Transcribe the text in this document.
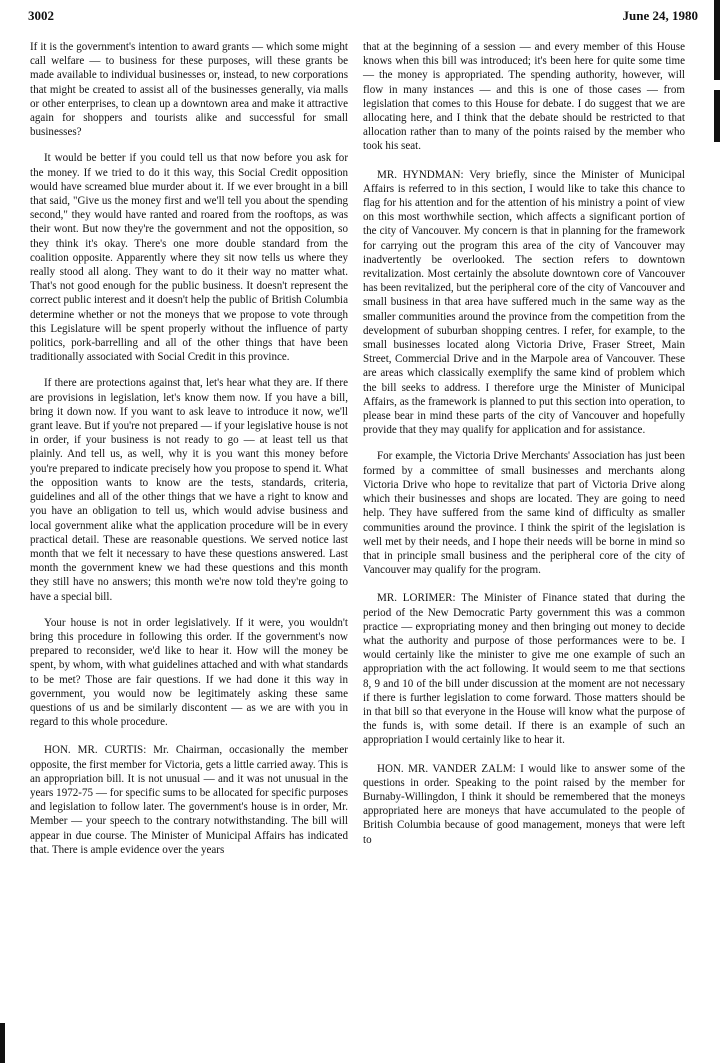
3002	June 24, 1980

If it is the government's intention to award grants — which some might call welfare — to business for these purposes, will these grants be made available to individual businesses or, instead, to new corporations that might be created to assist all of the businesses generally, via malls or other enterprises, to clean up a downtown area and make it attractive again for shoppers and tourists alike and successful for small businesses?

It would be better if you could tell us that now before you ask for the money. If we tried to do it this way, this Social Credit opposition would have screamed blue murder about it. If we ever brought in a bill that said, "Give us the money first and we'll tell you about the spending second," they would have ranted and roared from the rooftops, as was their wont. But now they're the government and not the opposition, so they think it's okay. There's one more double standard from the coalition opposite. Apparently where they sit now tells us where they really stood all along. They want to do it their way no matter what. That's not good enough for the public business. It doesn't represent the correct public interest and it doesn't help the public of British Columbia determine whether or not the moneys that we propose to vote through this Legislature will be spent properly without the influence of party politics, pork-barrelling and all of the other things that have been traditionally associated with Social Credit in this province.

If there are protections against that, let's hear what they are. If there are provisions in legislation, let's know them now. If you have a bill, bring it down now. If you want to ask leave to introduce it now, we'll grant leave. But if you're not prepared — if your legislative house is not in order, if your business is not ready to go — at least tell us that plainly. And tell us, as well, why it is you want this money before you're prepared to indicate precisely how you propose to spend it. What the opposition wants to know are the tests, standards, criteria, guidelines and all of the other things that we have a right to know and you have an obligation to tell us, which would advise business and local government alike what the application procedure will be in every practical detail. These are reasonable questions. We served notice last month that we felt it necessary to have these questions answered. Last month the government knew we had these questions and this month they still have no answers; this month we're now told they're going to have a special bill.

Your house is not in order legislatively. If it were, you wouldn't bring this procedure in following this order. If the government's now prepared to reconsider, we'd like to hear it. How will the money be spent, by whom, with what guidelines attached and with what standards to be met? Those are fair questions. If we had done it this way in government, you would now be legitimately asking these same questions of us and be similarly discontent — as we are with you in regard to this whole procedure.

HON. MR. CURTIS: Mr. Chairman, occasionally the member opposite, the first member for Victoria, gets a little carried away. This is an appropriation bill. It is not unusual — and it was not unusual in the years 1972-75 — for specific sums to be allocated for specific purposes and legislation to follow later. The government's house is in order, Mr. Member — your speech to the contrary notwithstanding. The bill will appear in due course. The Minister of Municipal Affairs has indicated that. There is ample evidence over the years

that at the beginning of a session — and every member of this House knows when this bill was introduced; it's been here for quite some time — the money is appropriated. The spending authority, however, will flow in many instances — and this is one of those cases — from legislation that comes to this House for debate. I do suggest that we are allocating here, and I think that the debate should be restricted to that allocation rather than to many of the points raised by the member who took his seat.

MR. HYNDMAN: Very briefly, since the Minister of Municipal Affairs is referred to in this section, I would like to take this chance to flag for his attention and for the attention of his ministry a point of view on this most worthwhile section, which affects a significant portion of the city of Vancouver. My concern is that in planning for the framework for carrying out the program this area of the city of Vancouver may inadvertently be overlooked. The section refers to downtown revitalization. Most certainly the absolute downtown core of Vancouver has been revitalized, but the peripheral core of the city of Vancouver and small business in that area have suffered much in the same way as the smaller communities around the province from the competition from the development of suburban shopping centres. I refer, for example, to the small businesses located along Victoria Drive, Fraser Street, Main Street, Commercial Drive and in the Marpole area of Vancouver. These are areas which classically exemplify the same kind of problem which the bill seeks to address. I therefore urge the Minister of Municipal Affairs, as the framework is planned to put this section into operation, to please bear in mind these parts of the city of Vancouver and hopefully provide that they may qualify for application and for assistance.

For example, the Victoria Drive Merchants' Association has just been formed by a committee of small businesses and merchants along Victoria Drive who hope to revitalize that part of Victoria Drive along which their businesses and shops are located. They are going to need help. They have suffered from the same kind of difficulty as smaller communities around the province. I think the spirit of the legislation is well met by their needs, and I hope their needs will be borne in mind so that in principle small business and the peripheral core of the city of Vancouver may qualify for the program.

MR. LORIMER: The Minister of Finance stated that during the period of the New Democratic Party government this was a common practice — expropriating money and then bringing out money to decide what the authority and purpose of those performances were to be. I would certainly like the minister to give me one example of such an appropriation with the act following. It would seem to me that sections 8, 9 and 10 of the bill under discussion at the moment are not necessary if there is further legislation to come forward. Those matters should be in that bill so that everyone in the House will know what the purpose of the funds is, with some detail. If there is an example of such an appropriation I would certainly like to hear it.

HON. MR. VANDER ZALM: I would like to answer some of the questions in order. Speaking to the point raised by the member for Burnaby-Willingdon, I think it should be remembered that the moneys appropriated here are moneys that have accumulated to the people of British Columbia because of good management, moneys that were left to
